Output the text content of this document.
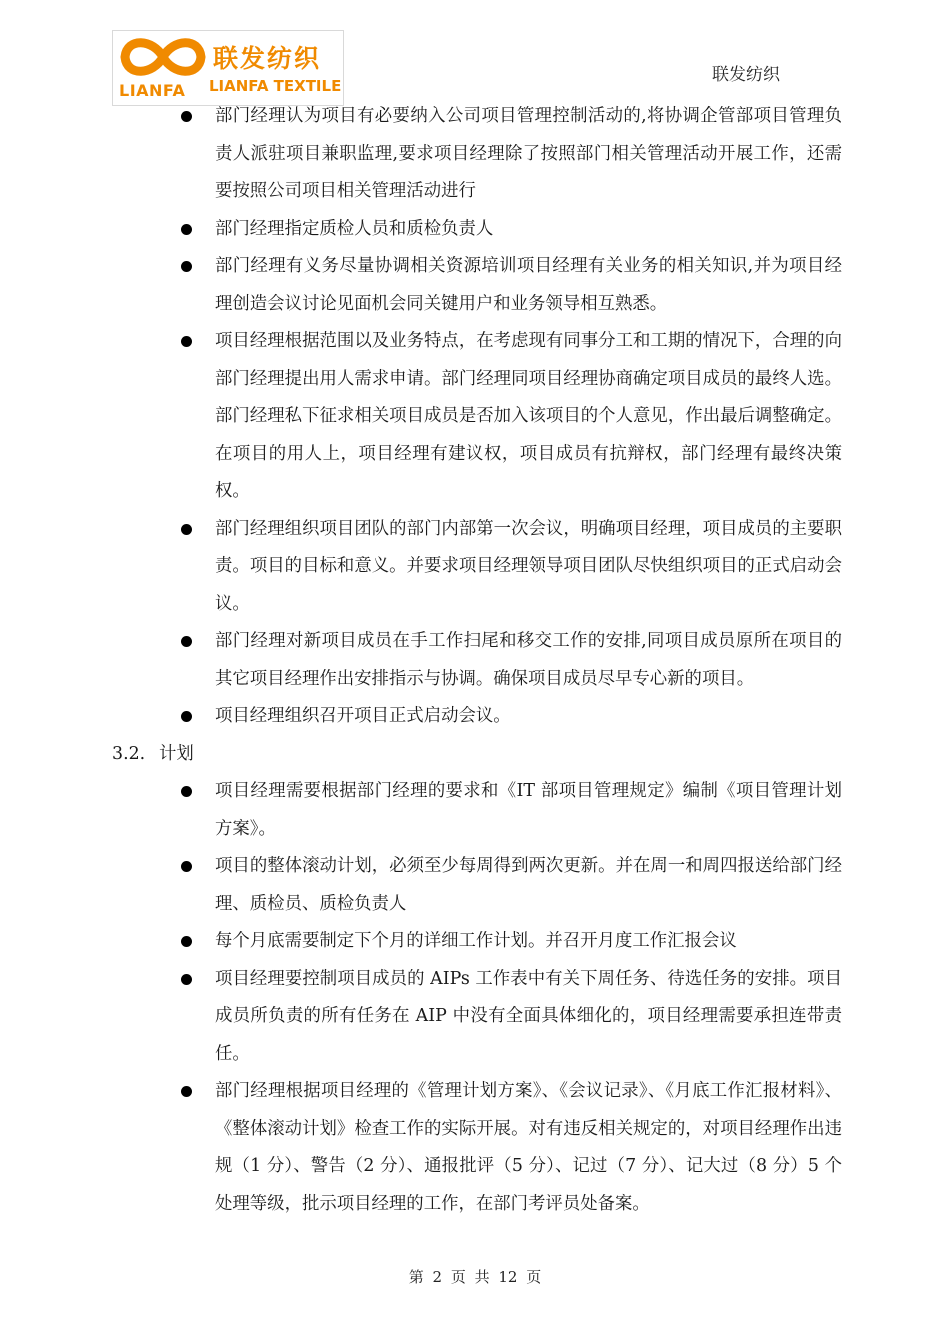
联发纺织
LIANFA TEXTILE
LIANFA
联发纺织
部门经理认为项目有必要纳入公司项目管理控制活动的,将协调企管部项目管理负责人派驻项目兼职监理,要求项目经理除了按照部门相关管理活动开展工作，还需要按照公司项目相关管理活动进行
部门经理指定质检人员和质检负责人
部门经理有义务尽量协调相关资源培训项目经理有关业务的相关知识,并为项目经理创造会议讨论见面机会同关键用户和业务领导相互熟悉。
项目经理根据范围以及业务特点，在考虑现有同事分工和工期的情况下，合理的向部门经理提出用人需求申请。部门经理同项目经理协商确定项目成员的最终人选。部门经理私下征求相关项目成员是否加入该项目的个人意见，作出最后调整确定。在项目的用人上，项目经理有建议权，项目成员有抗辩权，部门经理有最终决策权。
部门经理组织项目团队的部门内部第一次会议，明确项目经理，项目成员的主要职责。项目的目标和意义。并要求项目经理领导项目团队尽快组织项目的正式启动会议。
部门经理对新项目成员在手工作扫尾和移交工作的安排,同项目成员原所在项目的其它项目经理作出安排指示与协调。确保项目成员尽早专心新的项目。
项目经理组织召开项目正式启动会议。
3.2. 计划
项目经理需要根据部门经理的要求和《IT 部项目管理规定》编制《项目管理计划方案》。
项目的整体滚动计划，必须至少每周得到两次更新。并在周一和周四报送给部门经理、质检员、质检负责人
每个月底需要制定下个月的详细工作计划。并召开月度工作汇报会议
项目经理要控制项目成员的 AIPs 工作表中有关下周任务、待选任务的安排。项目成员所负责的所有任务在 AIP 中没有全面具体细化的，项目经理需要承担连带责任。
部门经理根据项目经理的《管理计划方案》、《会议记录》、《月底工作汇报材料》、《整体滚动计划》检查工作的实际开展。对有违反相关规定的，对项目经理作出违规（1 分）、警告（2 分）、通报批评（5 分）、记过（7 分）、记大过（8 分）5 个处理等级，批示项目经理的工作，在部门考评员处备案。
第 2 页 共 12 页
